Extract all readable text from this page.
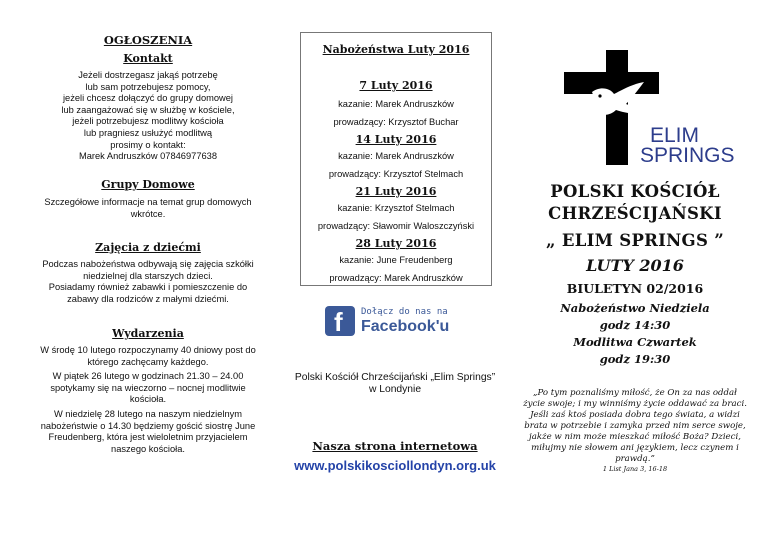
OGŁOSZENIA
Kontakt
Jeżeli dostrzegasz jakąś potrzebę
lub sam potrzebujesz pomocy,
jeżeli chcesz dołączyć do grupy domowej
lub zaangażować się w służbę w kościele,
jeżeli potrzebujesz modlitwy kościoła
lub pragniesz usłużyć modlitwą
prosimy o kontakt:
Marek Andruszków 07846977638
Grupy Domowe
Szczegółowe informacje na temat grup domowych
wkrótce.
Zajęcia z dziećmi
Podczas nabożeństwa odbywają się zajęcia szkółki
niedzielnej dla starszych dzieci.
Posiadamy również zabawki i pomieszczenie do
zabawy dla rodziców z małymi dziećmi.
Wydarzenia
W środę 10 lutego rozpoczynamy 40 dniowy post do
którego zachęcamy każdego.
W piątek 26 lutego w godzinach 21.30 – 24.00
spotykamy się na wieczorno – nocnej modlitwie
kościoła.
W niedzielę 28 lutego na naszym niedzielnym
nabożeństwie o 14.30 będziemy gościć siostrę June
Freudenberg, która jest wieloletnim przyjacielem
naszego kościoła.
Nabożeństwa Luty 2016
7 Luty 2016
kazanie: Marek Andruszków
prowadzący: Krzysztof Buchar
14 Luty 2016
kazanie: Marek Andruszków
prowadzący: Krzysztof Stelmach
21 Luty 2016
kazanie: Krzysztof Stelmach
prowadzący: Sławomir Waloszczyński
28 Luty 2016
kazanie: June Freudenberg
prowadzący: Marek Andruszków
f Dołącz do nas na
Facebook'u
Polski Kościół Chrześcijański „Elim Springs”
w Londynie
Nasza strona internetowa
www.polskikosciollondyn.org.uk
ELIM
SPRINGS
POLSKI KOŚCIÓŁ
CHRZEŚCIJAŃSKI
„ ELIM SPRINGS ”
LUTY 2016
BIULETYN 02/2016
Nabożeństwo Niedziela
godz 14:30
Modlitwa Czwartek
godz 19:30
„Po tym poznaliśmy miłość, że On za nas oddał
życie swoje; i my winniśmy życie oddawać za braci.
Jeśli zaś ktoś posiada dobra tego świata, a widzi
brata w potrzebie i zamyka przed nim serce swoje,
jakże w nim może mieszkać miłość Boża? Dzieci,
miłujmy nie słowem ani językiem, lecz czynem i
prawdą.”
1 List Jana 3, 16-18
